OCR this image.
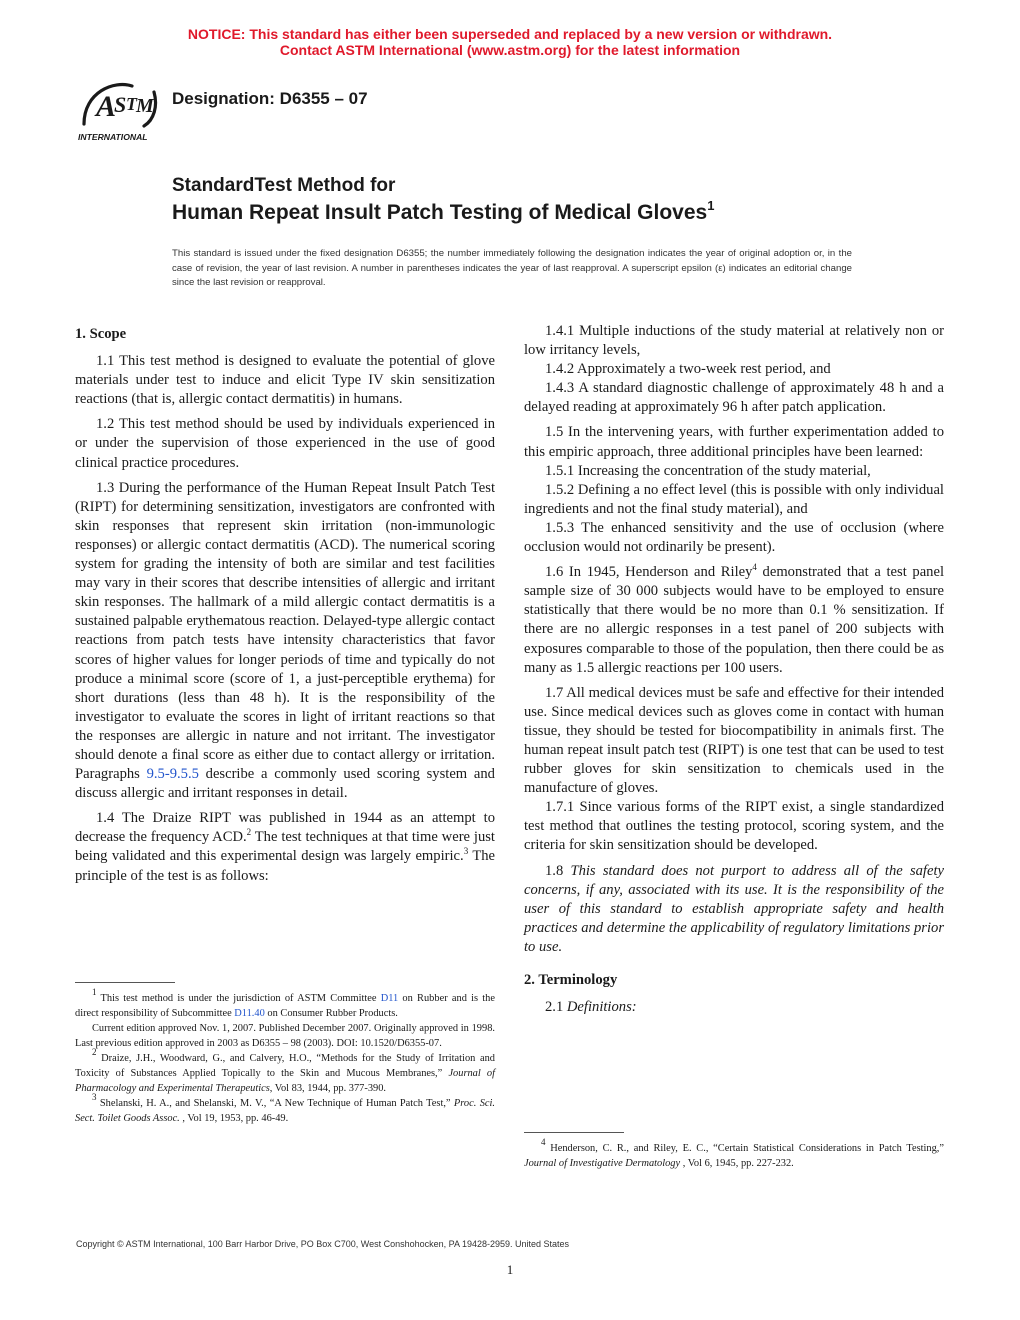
NOTICE: This standard has either been superseded and replaced by a new version or withdrawn.
Contact ASTM International (www.astm.org) for the latest information
A
S T M
INTERNATIONAL
Designation: D6355 – 07
StandardTest Method for
Human Repeat Insult Patch Testing of Medical Gloves$^1$
This standard is issued under the fixed designation D6355; the number immediately following the designation indicates the year of original adoption or, in the case of revision, the year of last revision. A number in parentheses indicates the year of last reapproval. A superscript epsilon (ε) indicates an editorial change since the last revision or reapproval.
1. Scope

1.1 This test method is designed to evaluate the potential of glove materials under test to induce and elicit Type IV skin sensitization reactions (that is, allergic contact dermatitis) in humans.

1.2 This test method should be used by individuals experienced in or under the supervision of those experienced in the use of good clinical practice procedures.

1.3 During the performance of the Human Repeat Insult Patch Test (RIPT) for determining sensitization, investigators are confronted with skin responses that represent skin irritation (non-immunologic responses) or allergic contact dermatitis (ACD). The numerical scoring system for grading the intensity of both are similar and test facilities may vary in their scores that describe intensities of allergic and irritant skin responses. The hallmark of a mild allergic contact dermatitis is a sustained palpable erythematous reaction. Delayed-type allergic contact reactions from patch tests have intensity characteristics that favor scores of higher values for longer periods of time and typically do not produce a minimal score (score of 1, a just-perceptible erythema) for short durations (less than 48 h). It is the responsibility of the investigator to evaluate the scores in light of irritant reactions so that the responses are allergic in nature and not irritant. The investigator should denote a final score as either due to contact allergy or irritation. Paragraphs 9.5-9.5.5 describe a commonly used scoring system and discuss allergic and irritant responses in detail.

1.4 The Draize RIPT was published in 1944 as an attempt to decrease the frequency ACD.$^2$ The test techniques at that time were just being validated and this experimental design was largely empiric.$^3$ The principle of the test is as follows:

1.4.1 Multiple inductions of the study material at relatively non or low irritancy levels,

1.4.2 Approximately a two-week rest period, and

1.4.3 A standard diagnostic challenge of approximately 48 h and a delayed reading at approximately 96 h after patch application.

1.5 In the intervening years, with further experimentation added to this empiric approach, three additional principles have been learned:

1.5.1 Increasing the concentration of the study material,

1.5.2 Defining a no effect level (this is possible with only individual ingredients and not the final study material), and

1.5.3 The enhanced sensitivity and the use of occlusion (where occlusion would not ordinarily be present).

1.6 In 1945, Henderson and Riley$^4$ demonstrated that a test panel sample size of 30 000 subjects would have to be employed to ensure statistically that there would be no more than 0.1 % sensitization. If there are no allergic responses in a test panel of 200 subjects with exposures comparable to those of the population, then there could be as many as 1.5 allergic reactions per 100 users.

1.7 All medical devices must be safe and effective for their intended use. Since medical devices such as gloves come in contact with human tissue, they should be tested for biocompatibility in animals first. The human repeat insult patch test (RIPT) is one test that can be used to test rubber gloves for skin sensitization to chemicals used in the manufacture of gloves.

1.7.1 Since various forms of the RIPT exist, a single standardized test method that outlines the testing protocol, scoring system, and the criteria for skin sensitization should be developed.

1.8 This standard does not purport to address all of the safety concerns, if any, associated with its use. It is the responsibility of the user of this standard to establish appropriate safety and health practices and determine the applicability of regulatory limitations prior to use.

2. Terminology

2.1 Definitions:

$^1$ This test method is under the jurisdiction of ASTM Committee D11 on Rubber and is the direct responsibility of Subcommittee D11.40 on Consumer Rubber Products.

Current edition approved Nov. 1, 2007. Published December 2007. Originally approved in 1998. Last previous edition approved in 2003 as D6355 – 98 (2003). DOI: 10.1520/D6355-07.

$^2$ Draize, J.H., Woodward, G., and Calvery, H.O., “Methods for the Study of Irritation and Toxicity of Substances Applied Topically to the Skin and Mucous Membranes,” Journal of Pharmacology and Experimental Therapeutics, Vol 83, 1944, pp. 377-390.

$^3$ Shelanski, H. A., and Shelanski, M. V., “A New Technique of Human Patch Test,” Proc. Sci. Sect. Toilet Goods Assoc. , Vol 19, 1953, pp. 46-49.

$^4$ Henderson, C. R., and Riley, E. C., “Certain Statistical Considerations in Patch Testing,” Journal of Investigative Dermatology , Vol 6, 1945, pp. 227-232.

Copyright © ASTM International, 100 Barr Harbor Drive, PO Box C700, West Conshohocken, PA 19428-2959. United States
1
